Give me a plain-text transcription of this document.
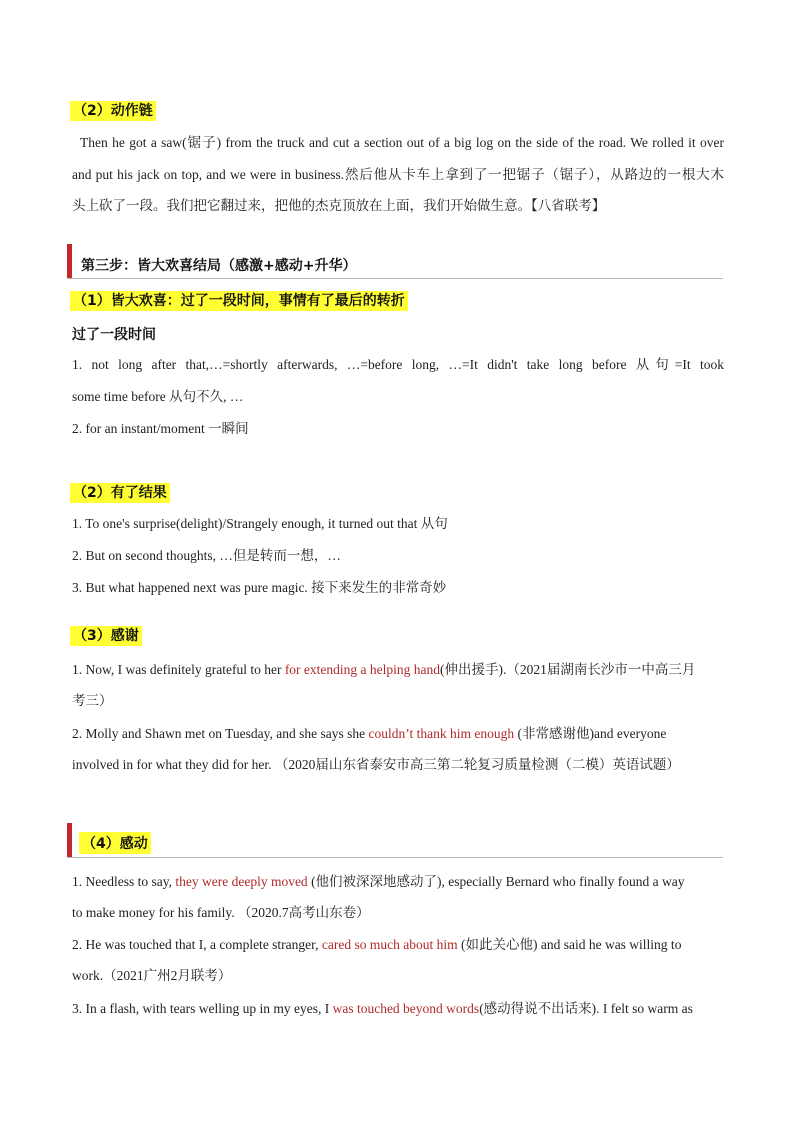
（2）动作链
Then he got a saw(锯子) from the truck and cut a section out of a big log on the side of the road. We rolled it over
and put his jack on top, and we were in business.然后他从卡车上拿到了一把锯子（锯子），从路边的一根大木
头上砍了一段。我们把它翻过来，把他的杰克顶放在上面，我们开始做生意。【八省联考】
第三步：皆大欢喜结局（感激+感动+升华）
（1）皆大欢喜：过了一段时间，事情有了最后的转折
过了一段时间
1. not long after that,…=shortly afterwards, …=before long, …=It didn't take long before 从句=It took
some time before 从句不久, …
2. for an instant/moment 一瞬间
（2）有了结果
1. To one's surprise(delight)/Strangely enough, it turned out that 从句
2. But on second thoughts, …但是转而一想，…
3. But what happened next was pure magic. 接下来发生的非常奇妙
（3）感谢
1. Now, I was definitely grateful to her for extending a helping hand(伸出援手).（2021届湖南长沙市一中高三月
考三）
2. Molly and Shawn met on Tuesday, and she says she couldn’t thank him enough (非常感谢他)and everyone
involved in for what they did for her. （2020届山东省泰安市高三第二轮复习质量检测（二模）英语试题）
（4）感动
1. Needless to say, they were deeply moved (他们被深深地感动了), especially Bernard who finally found a way
to make money for his family. （2020.7高考山东卷）
2. He was touched that I, a complete stranger, cared so much about him (如此关心他) and said he was willing to
work.（2021广州2月联考）
3. In a flash, with tears welling up in my eyes, I was touched beyond words(感动得说不出话来). I felt so warm as
